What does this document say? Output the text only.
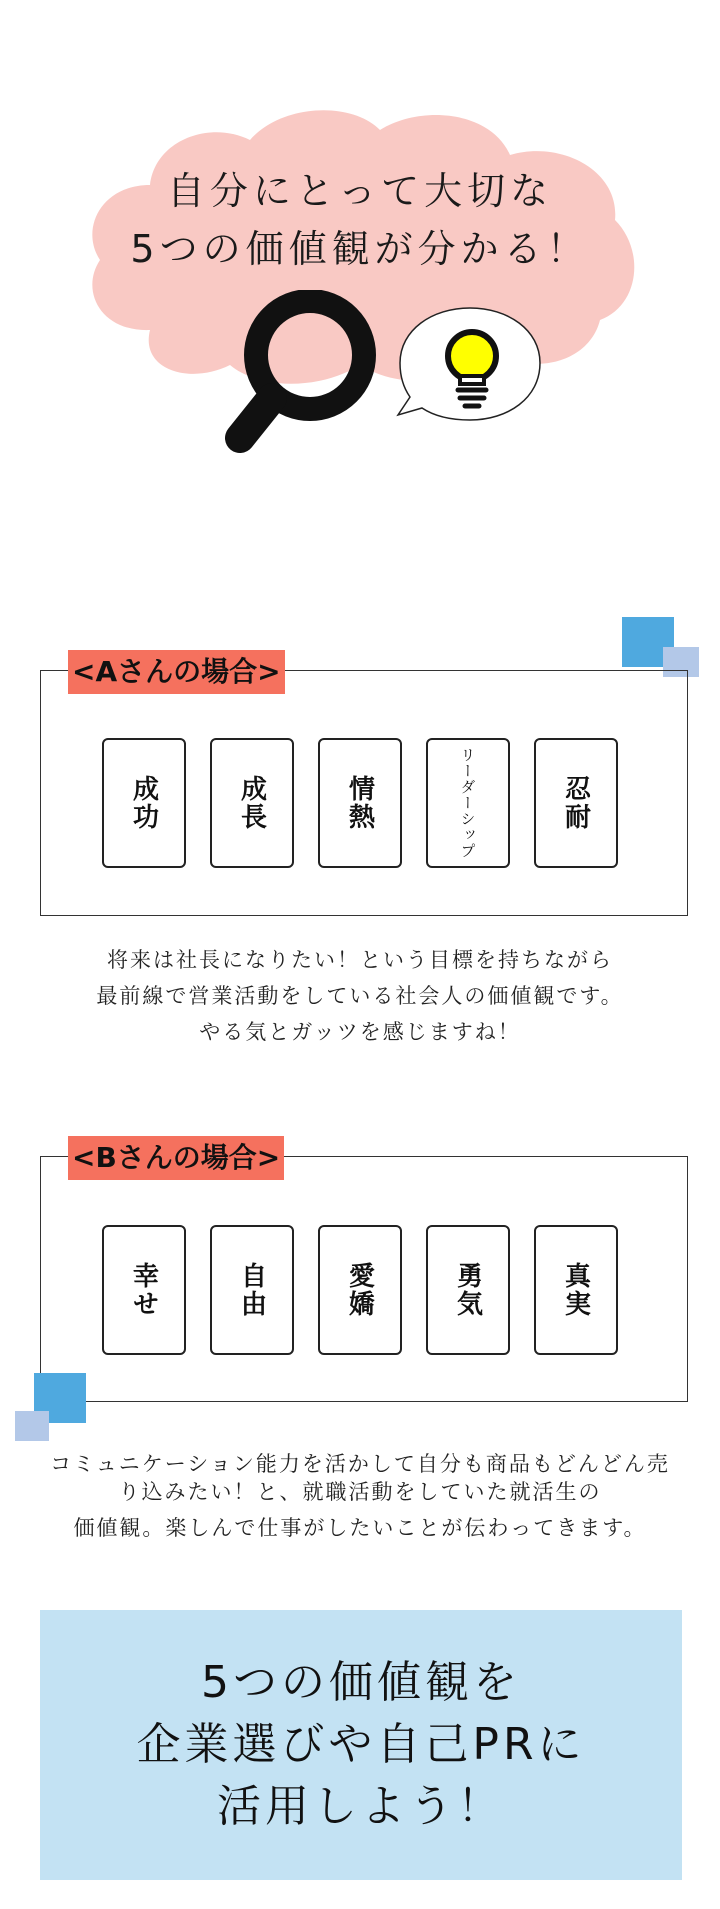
自分にとって大切な
5つの価値観が分かる！
<Aさんの場合>
成功	成長	情熱	リーダーシップ	忍耐
将来は社長になりたい！という目標を持ちながら
最前線で営業活動をしている社会人の価値観です。
やる気とガッツを感じますね！
<Bさんの場合>
幸せ	自由	愛嬌	勇気	真実
コミュニケーション能力を活かして自分も商品もどんどん売
り込みたい！と、就職活動をしていた就活生の
価値観。楽しんで仕事がしたいことが伝わってきます。
5つの価値観を
企業選びや自己PRに
活用しよう！
